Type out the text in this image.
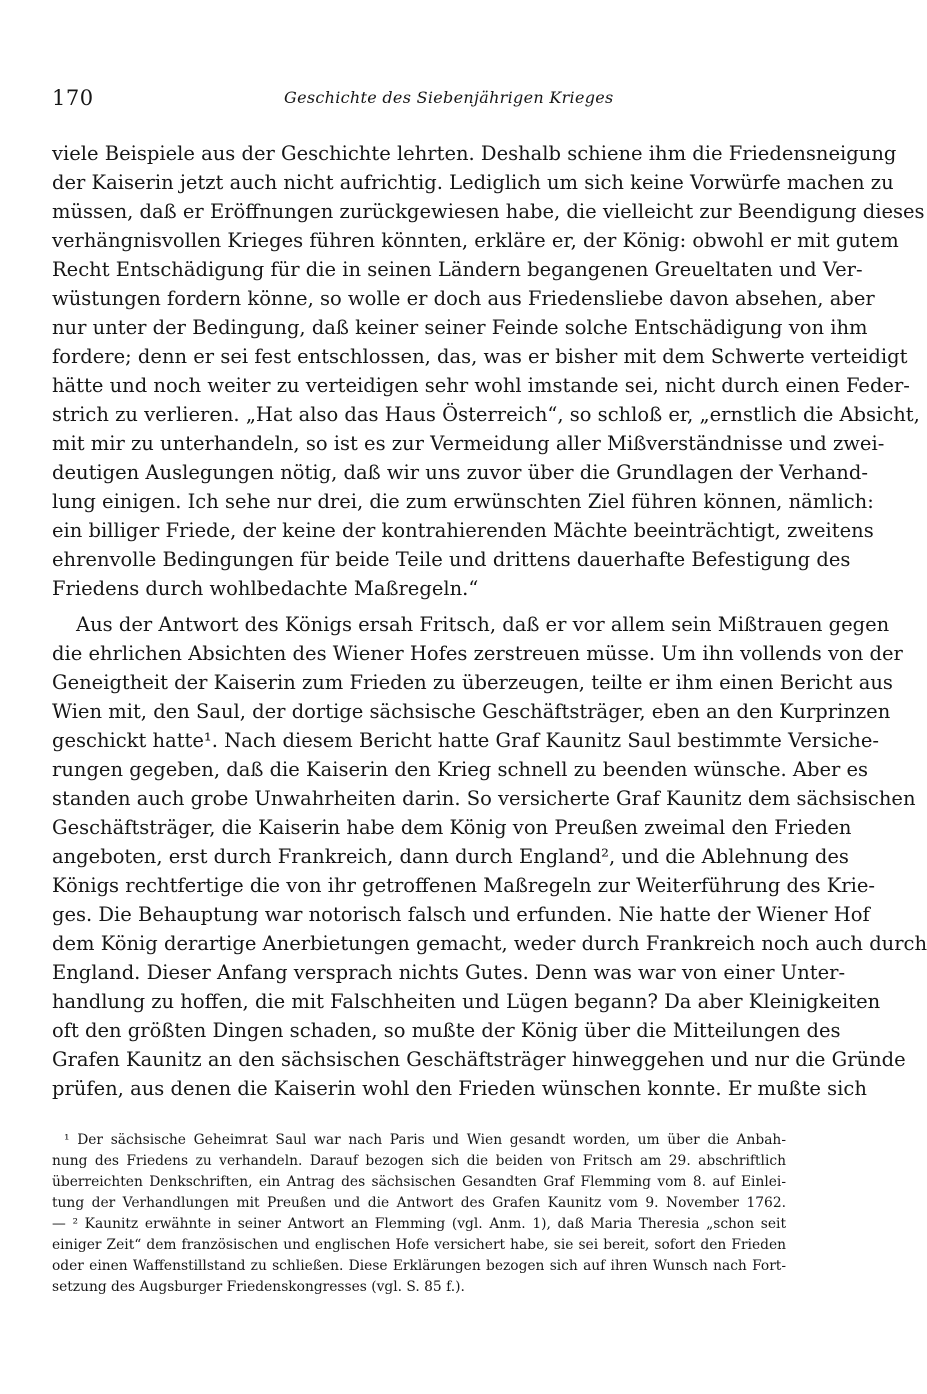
170	Geschichte des Siebenjährigen Krieges
viele Beispiele aus der Geschichte lehrten. Deshalb schiene ihm die Friedensneigung
der Kaiserin jetzt auch nicht aufrichtig. Lediglich um sich keine Vorwürfe machen zu
müssen, daß er Eröffnungen zurückgewiesen habe, die vielleicht zur Beendigung dieses
verhängnisvollen Krieges führen könnten, erkläre er, der König: obwohl er mit gutem
Recht Entschädigung für die in seinen Ländern begangenen Greueltaten und Ver-
wüstungen fordern könne, so wolle er doch aus Friedensliebe davon absehen, aber
nur unter der Bedingung, daß keiner seiner Feinde solche Entschädigung von ihm
fordere; denn er sei fest entschlossen, das, was er bisher mit dem Schwerte verteidigt
hätte und noch weiter zu verteidigen sehr wohl imstande sei, nicht durch einen Feder-
strich zu verlieren. „Hat also das Haus Österreich“, so schloß er, „ernstlich die Absicht,
mit mir zu unterhandeln, so ist es zur Vermeidung aller Mißverständnisse und zwei-
deutigen Auslegungen nötig, daß wir uns zuvor über die Grundlagen der Verhand-
lung einigen. Ich sehe nur drei, die zum erwünschten Ziel führen können, nämlich:
ein billiger Friede, der keine der kontrahierenden Mächte beeinträchtigt, zweitens
ehrenvolle Bedingungen für beide Teile und drittens dauerhafte Befestigung des
Friedens durch wohlbedachte Maßregeln.“
Aus der Antwort des Königs ersah Fritsch, daß er vor allem sein Mißtrauen gegen
die ehrlichen Absichten des Wiener Hofes zerstreuen müsse. Um ihn vollends von der
Geneigtheit der Kaiserin zum Frieden zu überzeugen, teilte er ihm einen Bericht aus
Wien mit, den Saul, der dortige sächsische Geschäftsträger, eben an den Kurprinzen
geschickt hatte¹. Nach diesem Bericht hatte Graf Kaunitz Saul bestimmte Versiche-
rungen gegeben, daß die Kaiserin den Krieg schnell zu beenden wünsche. Aber es
standen auch grobe Unwahrheiten darin. So versicherte Graf Kaunitz dem sächsischen
Geschäftsträger, die Kaiserin habe dem König von Preußen zweimal den Frieden
angeboten, erst durch Frankreich, dann durch England², und die Ablehnung des
Königs rechtfertige die von ihr getroffenen Maßregeln zur Weiterführung des Krie-
ges. Die Behauptung war notorisch falsch und erfunden. Nie hatte der Wiener Hof
dem König derartige Anerbietungen gemacht, weder durch Frankreich noch auch durch
England. Dieser Anfang versprach nichts Gutes. Denn was war von einer Unter-
handlung zu hoffen, die mit Falschheiten und Lügen begann? Da aber Kleinigkeiten
oft den größten Dingen schaden, so mußte der König über die Mitteilungen des
Grafen Kaunitz an den sächsischen Geschäftsträger hinweggehen und nur die Gründe
prüfen, aus denen die Kaiserin wohl den Frieden wünschen konnte. Er mußte sich
¹ Der sächsische Geheimrat Saul war nach Paris und Wien gesandt worden, um über die Anbah-
nung des Friedens zu verhandeln. Darauf bezogen sich die beiden von Fritsch am 29. abschriftlich
überreichten Denkschriften, ein Antrag des sächsischen Gesandten Graf Flemming vom 8. auf Einlei-
tung der Verhandlungen mit Preußen und die Antwort des Grafen Kaunitz vom 9. November 1762.
— ² Kaunitz erwähnte in seiner Antwort an Flemming (vgl. Anm. 1), daß Maria Theresia „schon seit
einiger Zeit“ dem französischen und englischen Hofe versichert habe, sie sei bereit, sofort den Frieden
oder einen Waffenstillstand zu schließen. Diese Erklärungen bezogen sich auf ihren Wunsch nach Fort-
setzung des Augsburger Friedenskongresses (vgl. S. 85 f.).
